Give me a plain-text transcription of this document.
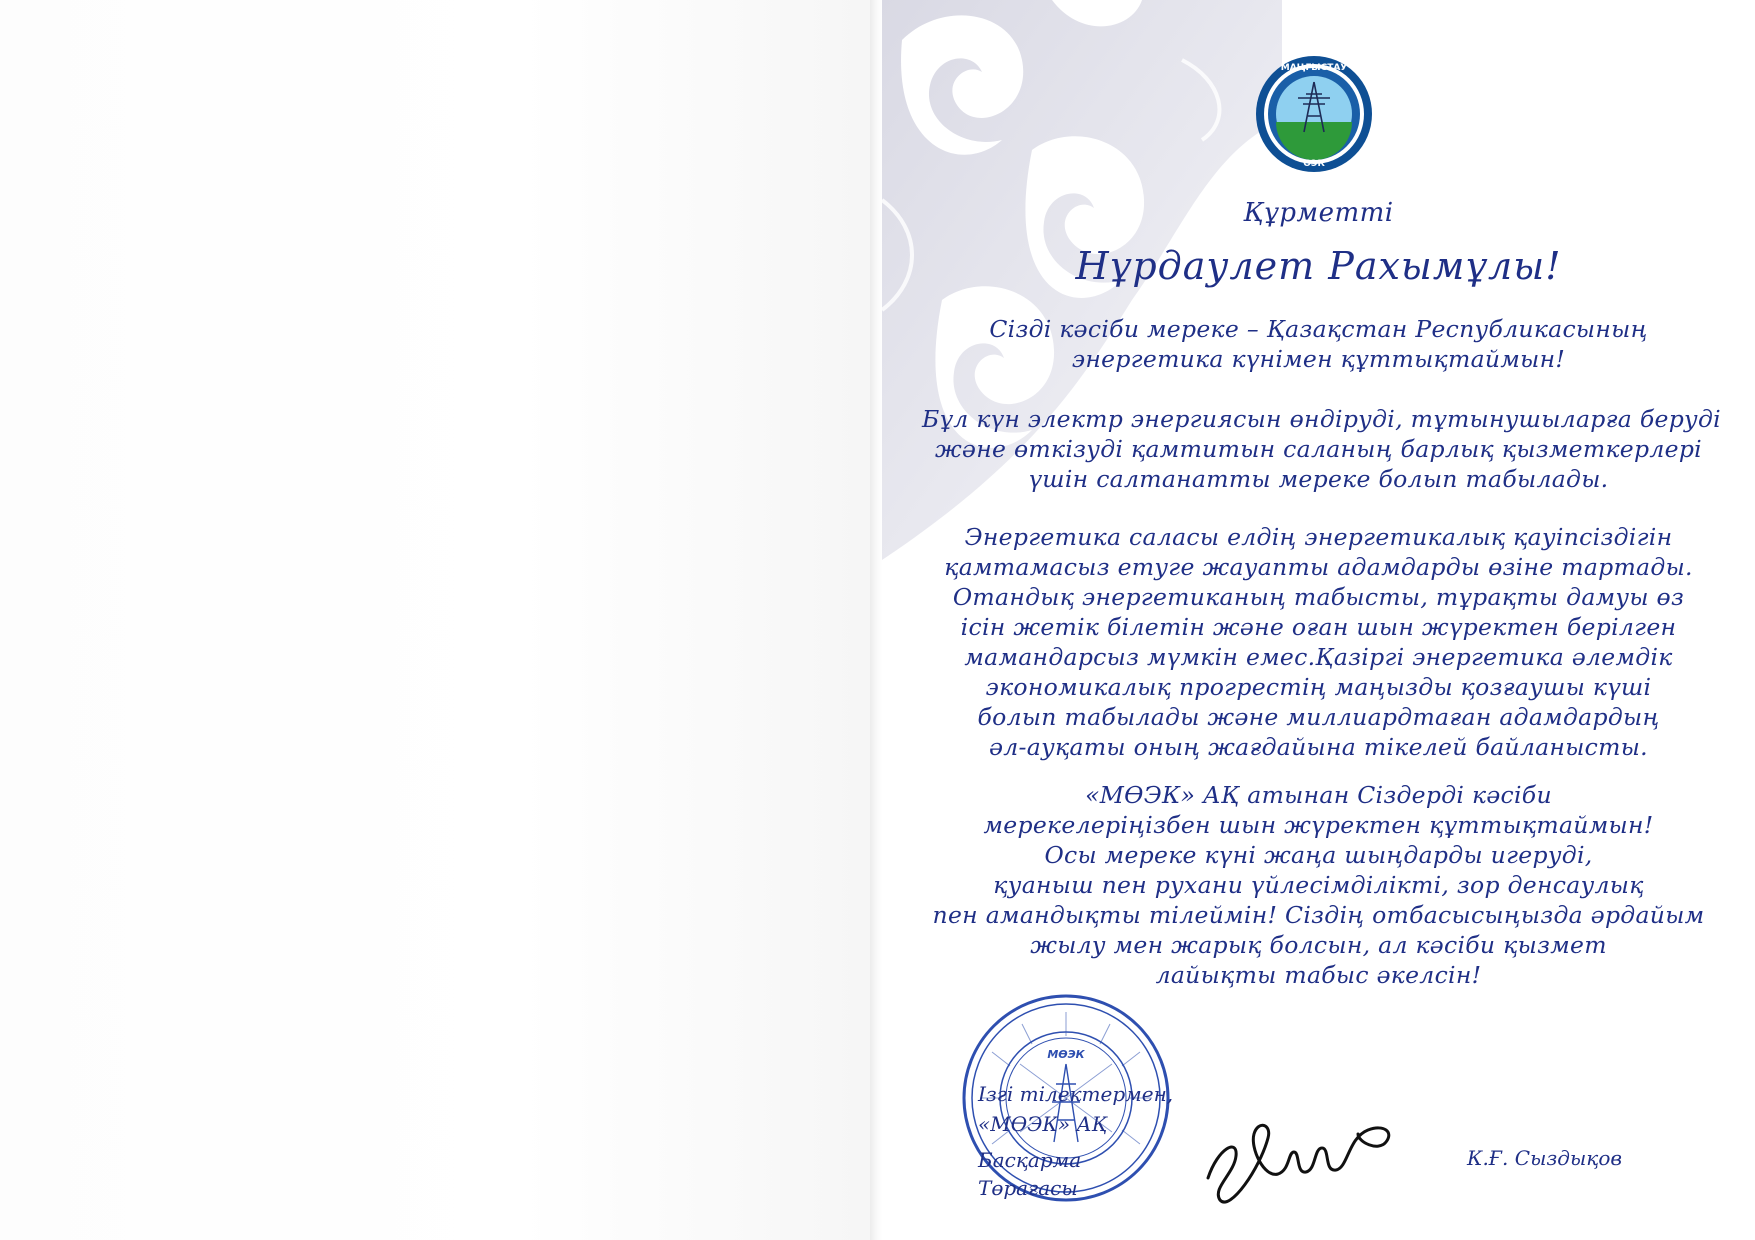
МАҢҒЫСТАУ
ӨЭК
Құрметті
Нұрдаулет Рахымұлы!
Сізді кәсіби мереке – Қазақстан Республикасының
энергетика күнімен құттықтаймын!
Бұл күн электр энергиясын өндіруді, тұтынушыларға беруді
және өткізуді қамтитын саланың барлық қызметкерлері
үшін салтанатты мереке болып табылады.
Энергетика саласы елдің энергетикалық қауіпсіздігін
қамтамасыз етуге жауапты адамдарды өзіне тартады.
Отандық энергетиканың табысты, тұрақты дамуы өз
ісін жетік білетін және оған шын жүректен берілген
мамандарсыз мүмкін емес.Қазіргі энергетика әлемдік
экономикалық прогрестің маңызды қозғаушы күші
болып табылады және миллиардтаған адамдардың
әл-ауқаты оның жағдайына тікелей байланысты.
«МӨЭК» АҚ атынан Сіздерді кәсіби
мерекелеріңізбен шын жүректен құттықтаймын!
Осы мереке күні жаңа шыңдарды игеруді,
қуаныш пен рухани үйлесімділікті, зор денсаулық
пен амандықты тілеймін! Сіздің отбасысыңызда әрдайым
жылу мен жарық болсын, ал кәсіби қызмет
лайықты табыс әкелсін!
МӨЭК
Ізгі тілектермен,
«МӨЭК» АҚ
Басқарма Төрағасы
К.Ғ. Сыздықов
